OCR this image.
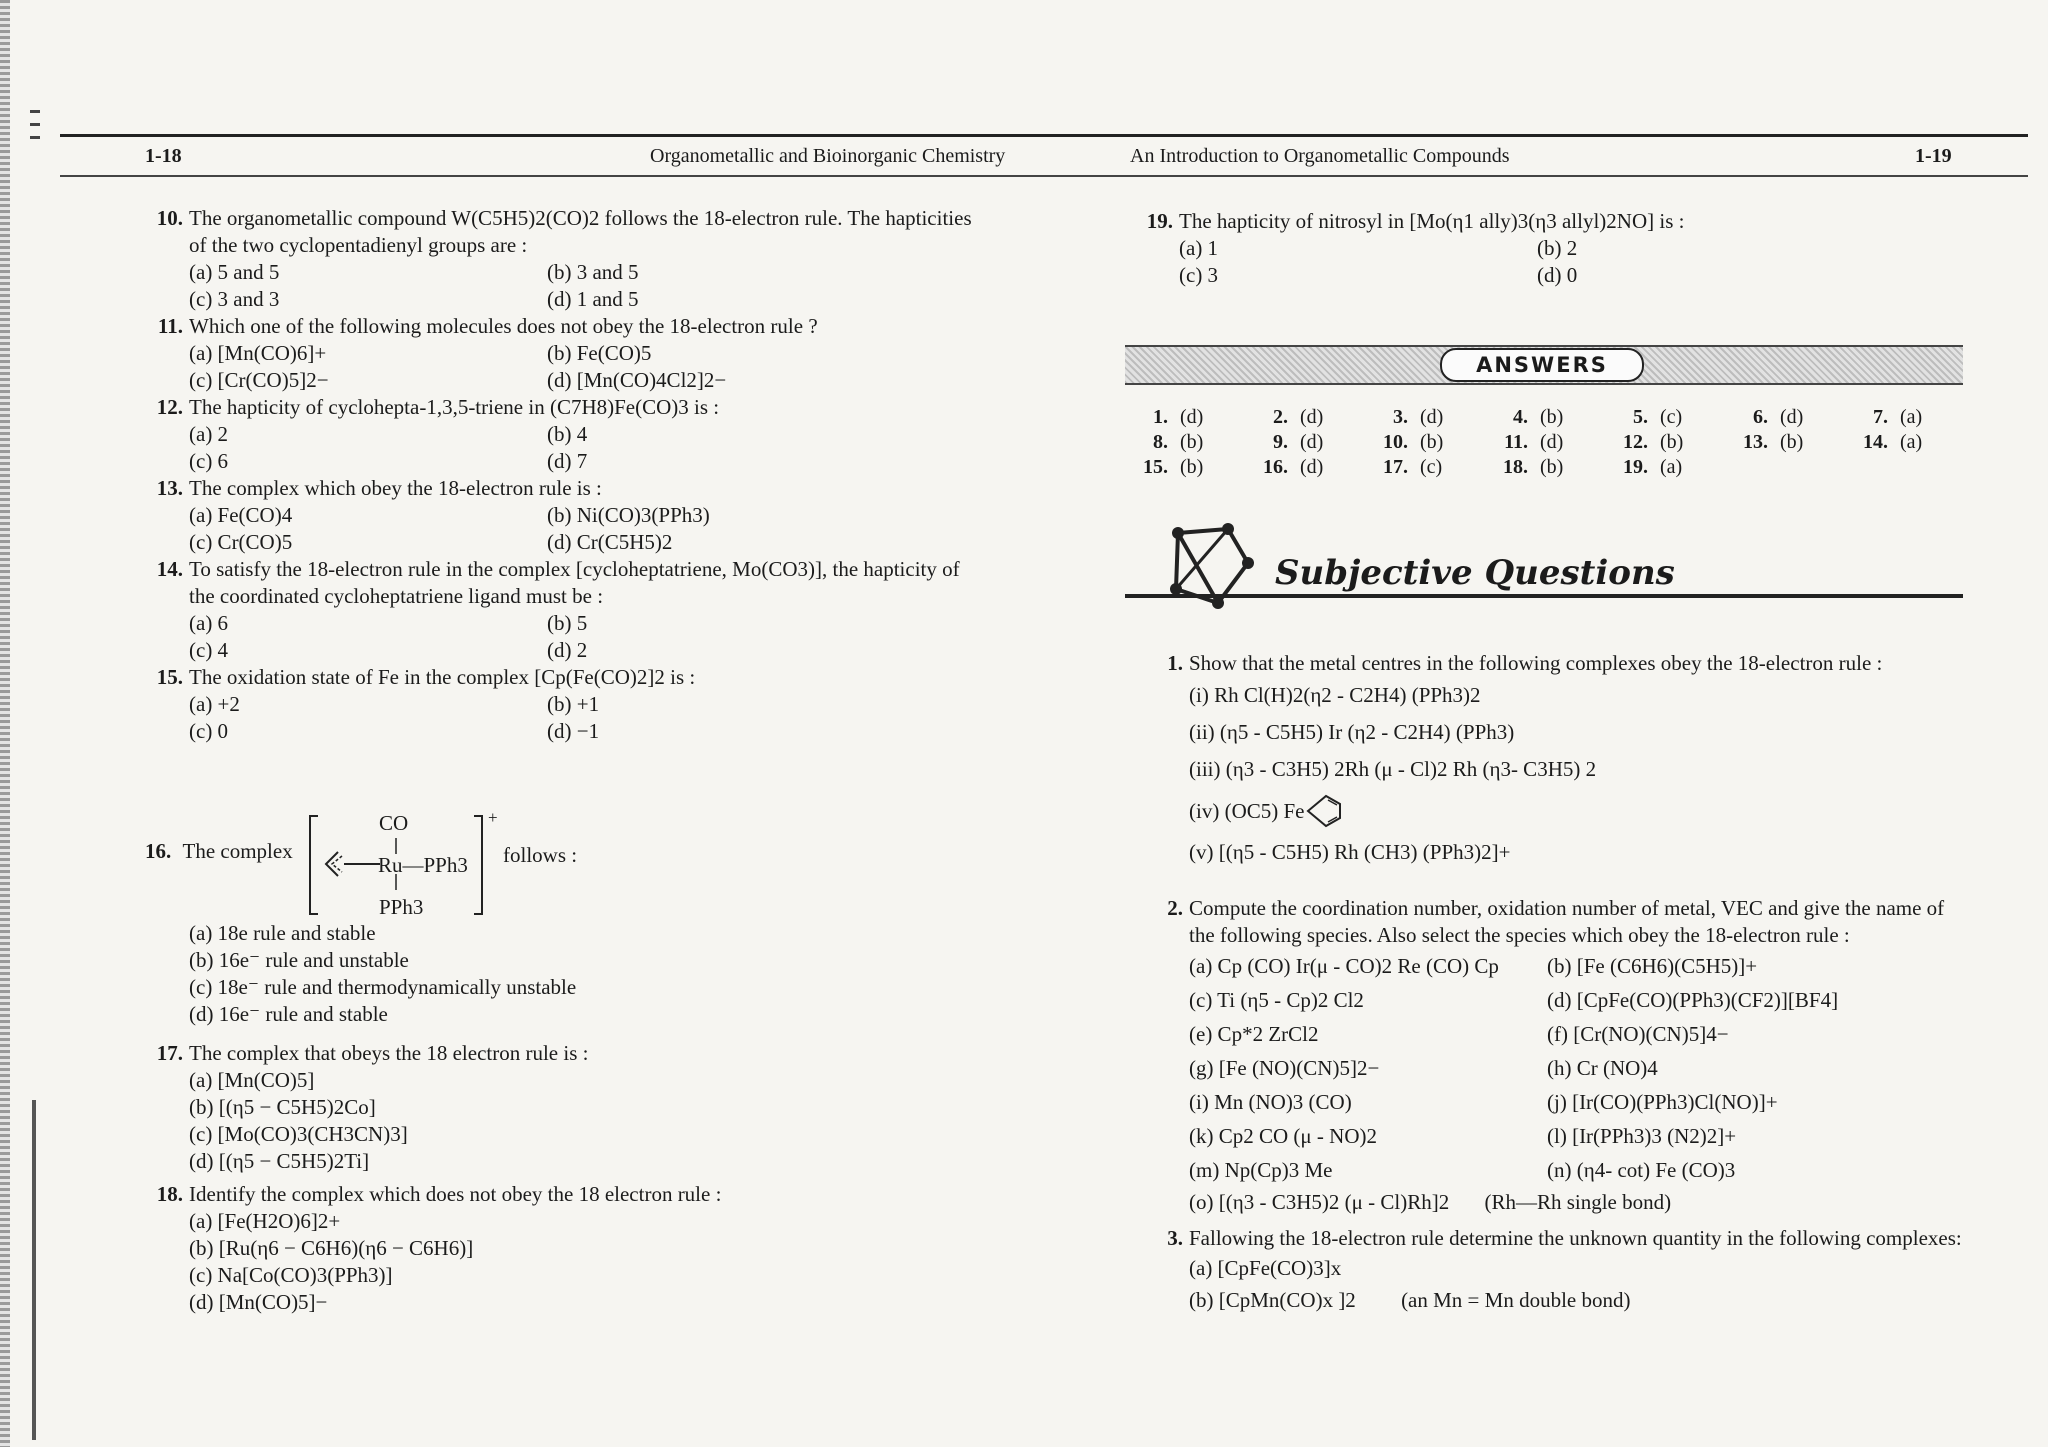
1-18	Organometallic and Bioinorganic Chemistry	An Introduction to Organometallic Compounds	1-19
10. The organometallic compound W(C5H5)2(CO)2 follows the 18-electron rule. The hapticities of the two cyclopentadienyl groups are :
(a) 5 and 5	(b) 3 and 5
(c) 3 and 3	(d) 1 and 5
11. Which one of the following molecules does not obey the 18-electron rule ?
(a) [Mn(CO)6]+	(b) Fe(CO)5
(c) [Cr(CO)5]2−	(d) [Mn(CO)4Cl2]2−
12. The hapticity of cyclohepta-1,3,5-triene in (C7H8)Fe(CO)3 is :
(a) 2	(b) 4
(c) 6	(d) 7
13. The complex which obey the 18-electron rule is :
(a) Fe(CO)4	(b) Ni(CO)3(PPh3)
(c) Cr(CO)5	(d) Cr(C5H5)2
14. To satisfy the 18-electron rule in the complex [cycloheptatriene, Mo(CO3)], the hapticity of the coordinated cycloheptatriene ligand must be :
(a) 6	(b) 5
(c) 4	(d) 2
15. The oxidation state of Fe in the complex [Cp(Fe(CO)2]2 is :
(a) +2	(b) +1
(c) 0	(d) −1
16. The complex	follows :
CO
Ru—PPh3
PPh3
+
(a) 18e rule and stable
(b) 16e⁻ rule and unstable
(c) 18e⁻ rule and thermodynamically unstable
(d) 16e⁻ rule and stable
17. The complex that obeys the 18 electron rule is :
(a) [Mn(CO)5]
(b) [(η5 − C5H5)2Co]
(c) [Mo(CO)3(CH3CN)3]
(d) [(η5 − C5H5)2Ti]
18. Identify the complex which does not obey the 18 electron rule :
(a) [Fe(H2O)6]2+
(b) [Ru(η6 − C6H6)(η6 − C6H6)]
(c) Na[Co(CO)3(PPh3)]
(d) [Mn(CO)5]−
19. The hapticity of nitrosyl in [Mo(η1 ally)3(η3 allyl)2NO] is :
(a) 1	(b) 2
(c) 3	(d) 0
ANSWERS
1. (d)	2. (d)	3. (d)	4. (b)	5. (c)	6. (d)	7. (a)
8. (b)	9. (d)	10. (b)	11. (d)	12. (b)	13. (b)	14. (a)
15. (b)	16. (d)	17. (c)	18. (b)	19. (a)
Subjective Questions
1. Show that the metal centres in the following complexes obey the 18-electron rule :
(i) Rh Cl(H)2(η2 - C2H4) (PPh3)2
(ii) (η5 - C5H5) Ir (η2 - C2H4) (PPh3)
(iii) (η3 - C3H5) 2Rh (μ - Cl)2 Rh (η3- C3H5) 2
(iv) (OC5) Fe
(v) [(η5 - C5H5) Rh (CH3) (PPh3)2]+
2. Compute the coordination number, oxidation number of metal, VEC and give the name of the following species. Also select the species which obey the 18-electron rule :
(a) Cp (CO) Ir(μ - CO)2 Re (CO) Cp	(b) [Fe (C6H6)(C5H5)]+
(c) Ti (η5 - Cp)2 Cl2	(d) [CpFe(CO)(PPh3)(CF2)][BF4]
(e) Cp*2 ZrCl2	(f) [Cr(NO)(CN)5]4−
(g) [Fe (NO)(CN)5]2−	(h) Cr (NO)4
(i) Mn (NO)3 (CO)	(j) [Ir(CO)(PPh3)Cl(NO)]+
(k) Cp2 CO (μ - NO)2	(l) [Ir(PPh3)3 (N2)2]+
(m) Np(Cp)3 Me	(n) (η4- cot) Fe (CO)3
(o) [(η3 - C3H5)2 (μ - Cl)Rh]2 (Rh—Rh single bond)
3. Fallowing the 18-electron rule determine the unknown quantity in the following complexes:
(a) [CpFe(CO)3]x
(b) [CpMn(CO)x ]2 (an Mn = Mn double bond)
